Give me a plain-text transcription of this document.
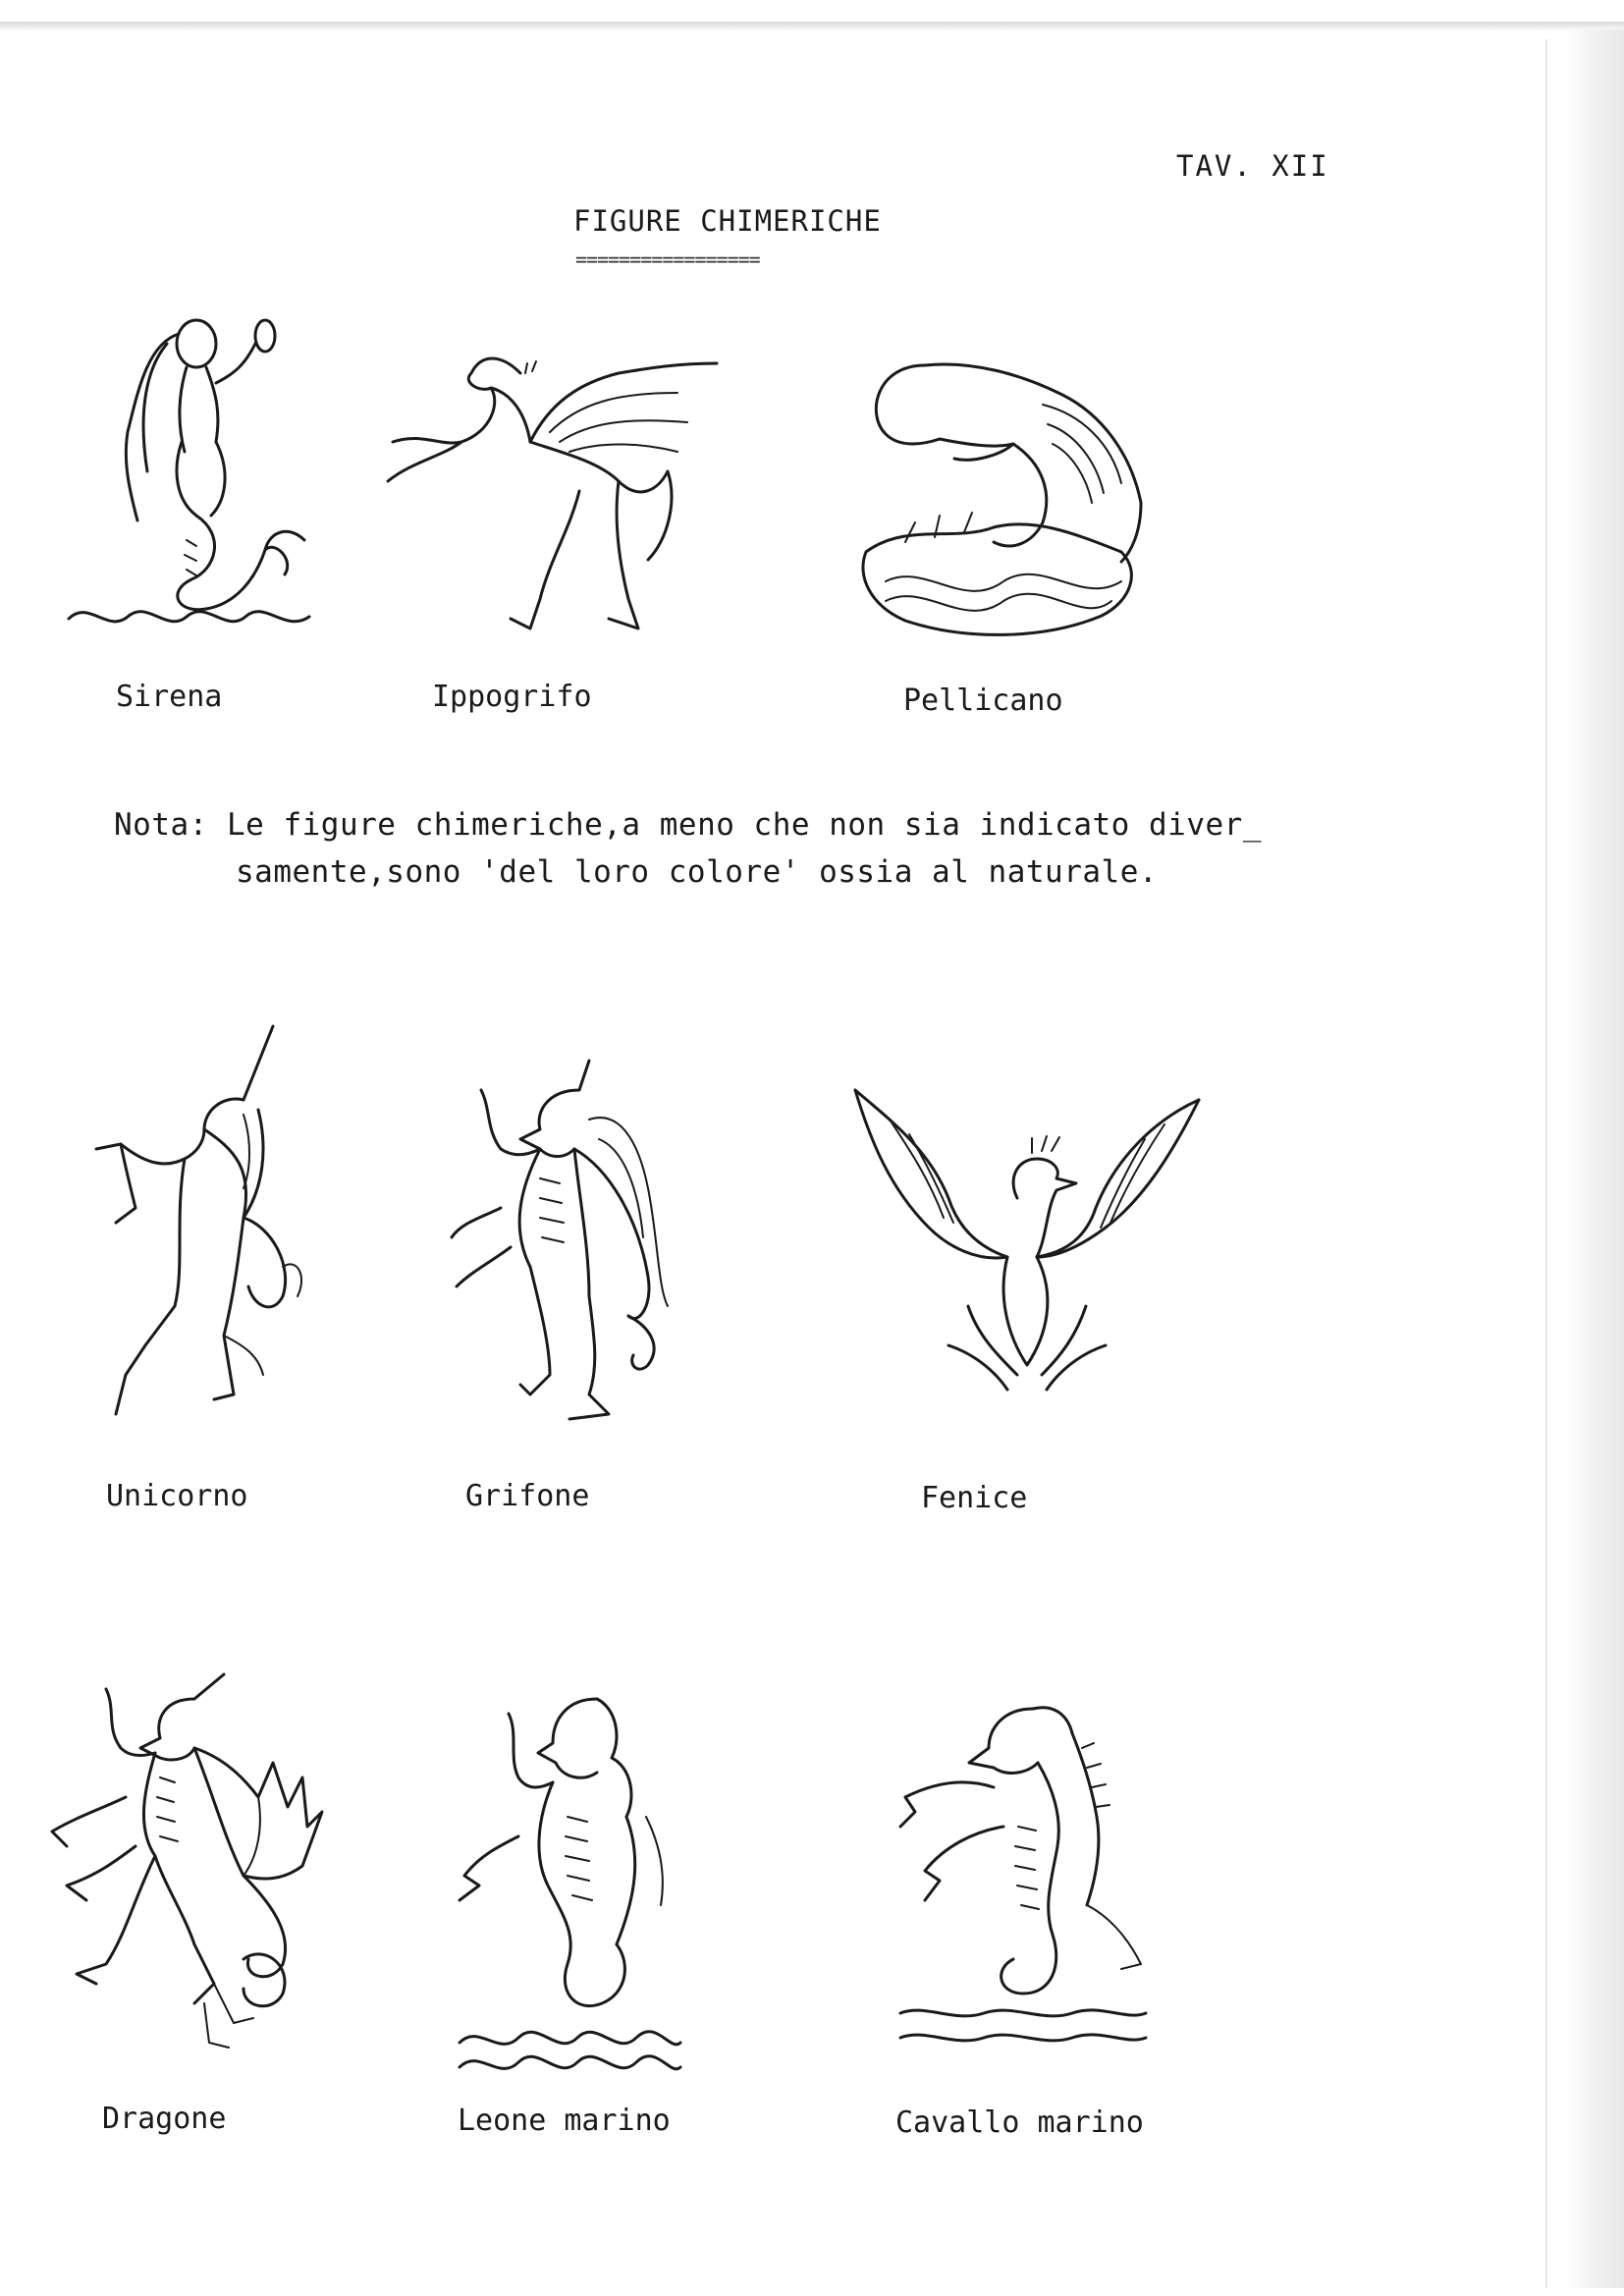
TAV. XII
FIGURE CHIMERICHE
=================
Sirena	Ippogrifo	Pellicano
Nota: Le figure chimeriche,a meno che non sia indicato diver_
samente,sono 'del loro colore' ossia al naturale.
Unicorno	Grifone	Fenice
Dragone	Leone marino	Cavallo marino
